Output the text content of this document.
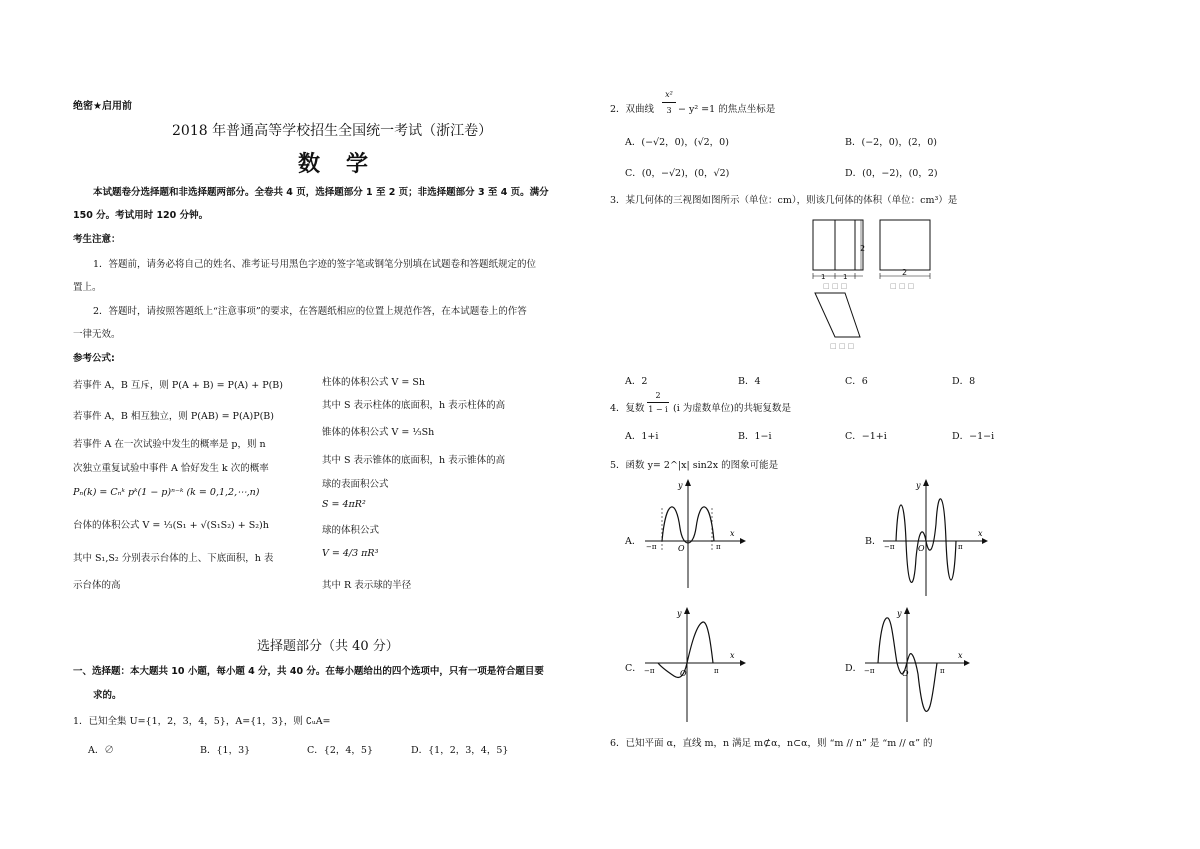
绝密★启用前
2018 年普通高等学校招生全国统一考试（浙江卷）
数　学
本试题卷分选择题和非选择题两部分。全卷共 4 页，选择题部分 1 至 2 页；非选择题部分 3 至 4 页。满分
150 分。考试用时 120 分钟。
考生注意：
1．答题前，请务必将自己的姓名、准考证号用黑色字迹的签字笔或钢笔分别填在试题卷和答题纸规定的位
置上。
2．答题时，请按照答题纸上“注意事项”的要求，在答题纸相应的位置上规范作答，在本试题卷上的作答
一律无效。
参考公式:
若事件 A，B 互斥，则 P(A + B) = P(A) + P(B)
若事件 A，B 相互独立，则 P(AB) = P(A)P(B)
若事件 A 在一次试验中发生的概率是 p，则 n
次独立重复试验中事件 A 恰好发生 k 次的概率
Pₙ(k) = Cₙᵏ pᵏ(1 − p)ⁿ⁻ᵏ (k = 0,1,2,⋯,n)
台体的体积公式 V = ⅓(S₁ + √(S₁S₂) + S₂)h
其中 S₁,S₂ 分别表示台体的上、下底面积，h 表
示台体的高
柱体的体积公式 V = Sh
其中 S 表示柱体的底面积，h 表示柱体的高
锥体的体积公式 V = ⅓Sh
其中 S 表示锥体的底面积，h 表示锥体的高
球的表面积公式
S = 4πR²
球的体积公式
V = 4/3 πR³
其中 R 表示球的半径
选择题部分（共 40 分）
一、选择题：本大题共 10 小题，每小题 4 分，共 40 分。在每小题给出的四个选项中，只有一项是符合题目要
求的。
1．已知全集 U={1，2，3，4，5}，A={1，3}，则 ∁ᵤA=
A．∅	B．{1，3}	C．{2，4，5}	D．{1，2，3，4，5}
2．双曲线
x²
3 − y² =1 的焦点坐标是
A．(−√2，0)，(√2，0)	B．(−2，0)，(2，0)
C．(0，−√2)，(0，√2)	D．(0，−2)，(0，2)
3．某几何体的三视图如图所示（单位：cm），则该几何体的体积（单位：cm³）是
1	1
2
□ □ □
2
□ □ □
□ □ □
A．2	B．4	C．6	D．8
4．复数
2
1 − i (i 为虚数单位)的共轭复数是
A．1+i	B．1−i	C．−1+i	D．−1−i
5．函数 y= 2^|x| sin2x 的图象可能是
A．	B．
C．	D．
x
y
O
−π	π
x
y
O
−π	π
x
y
O
−π	π
x
y
O
−π	π
6．已知平面 α，直线 m，n 满足 m⊄α，n⊂α，则 “m // n” 是 “m // α” 的
